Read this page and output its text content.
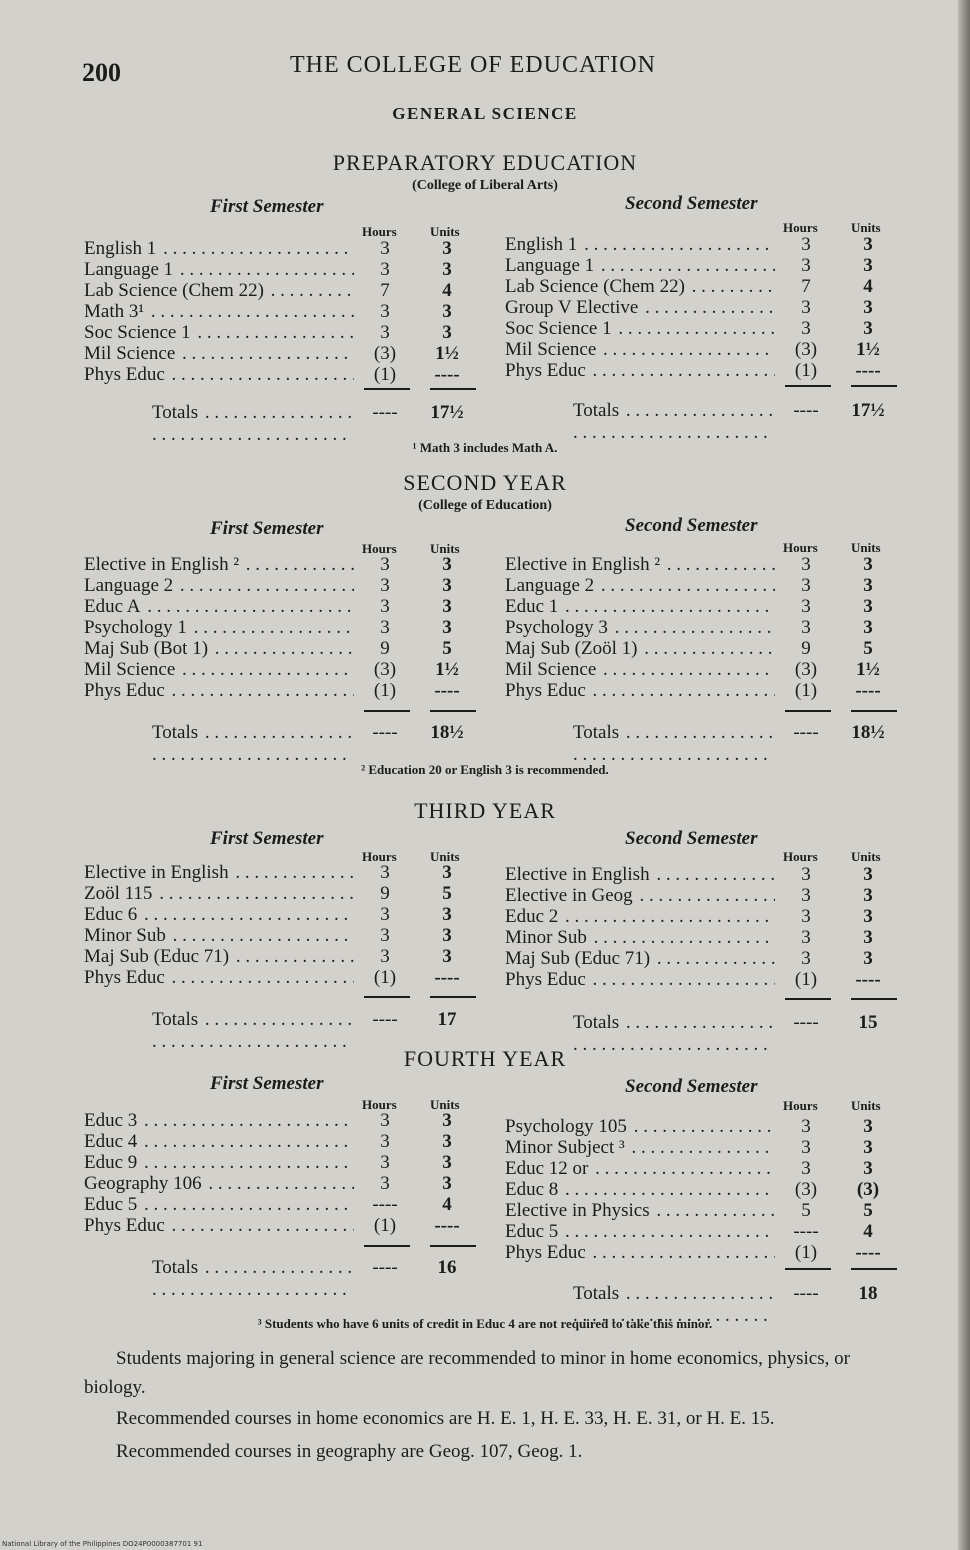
200	THE COLLEGE OF EDUCATION
GENERAL SCIENCE
PREPARATORY EDUCATION
(College of Liberal Arts)
First Semester
Hours	Units
English 1 . . .	3	3
Language 1 . . .	3	3
Lab Science (Chem 22) . . .	7	4
Math 3¹ . . .	3	3
Soc Science 1 . . .	3	3
Mil Science . . .	(3)	1½
Phys Educ . . .	(1)	----
Totals . . .	----	17½
Second Semester
Hours	Units
English 1 . . .	3	3
Language 1 . . .	3	3
Lab Science (Chem 22) . . .	7	4
Group V Elective . . .	3	3
Soc Science 1 . . .	3	3
Mil Science . . .	(3)	1½
Phys Educ . . .	(1)	----
Totals . . .	----	17½
¹ Math 3 includes Math A.
SECOND YEAR
(College of Education)
First Semester
Hours	Units
Elective in English ² . . .	3	3
Language 2 . . .	3	3
Educ A . . .	3	3
Psychology 1 . . .	3	3
Maj Sub (Bot 1) . . .	9	5
Mil Science . . .	(3)	1½
Phys Educ . . .	(1)	----
Totals . . .	----	18½
Second Semester
Hours	Units
Elective in English ² . . .	3	3
Language 2 . . .	3	3
Educ 1 . . .	3	3
Psychology 3 . . .	3	3
Maj Sub (Zoöl 1) . . .	9	5
Mil Science . . .	(3)	1½
Phys Educ . . .	(1)	----
Totals . . .	----	18½
² Education 20 or English 3 is recommended.
THIRD YEAR
First Semester
Hours	Units
Elective in English . . .	3	3
Zoöl 115 . . .	9	5
Educ 6 . . .	3	3
Minor Sub . . .	3	3
Maj Sub (Educ 71) . . .	3	3
Phys Educ . . .	(1)	----
Totals . . .	----	17
Second Semester
Hours	Units
Elective in English . . .	3	3
Elective in Geog . . .	3	3
Educ 2 . . .	3	3
Minor Sub . . .	3	3
Maj Sub (Educ 71) . . .	3	3
Phys Educ . . .	(1)	----
Totals . . .	----	15
FOURTH YEAR
First Semester
Hours	Units
Educ 3 . . .	3	3
Educ 4 . . .	3	3
Educ 9 . . .	3	3
Geography 106 . . .	3	3
Educ 5 . . .	----	4
Phys Educ . . .	(1)	----
Totals . . .	----	16
Second Semester
Hours	Units
Psychology 105 . . .	3	3
Minor Subject ³ . . .	3	3
Educ 12 or . . .	3	3
Educ 8 . . .	(3)	(3)
Elective in Physics . . .	5	5
Educ 5 . . .	----	4
Phys Educ . . .	(1)	----
Totals . . .	----	18
³ Students who have 6 units of credit in Educ 4 are not required to take this minor.

Students majoring in general science are recommended to minor in home economics, physics, or biology.

Recommended courses in home economics are H. E. 1, H. E. 33, H. E. 31, or H. E. 15.

Recommended courses in geography are Geog. 107, Geog. 1.

National Library of the Philippines DO24P0000387701 91
